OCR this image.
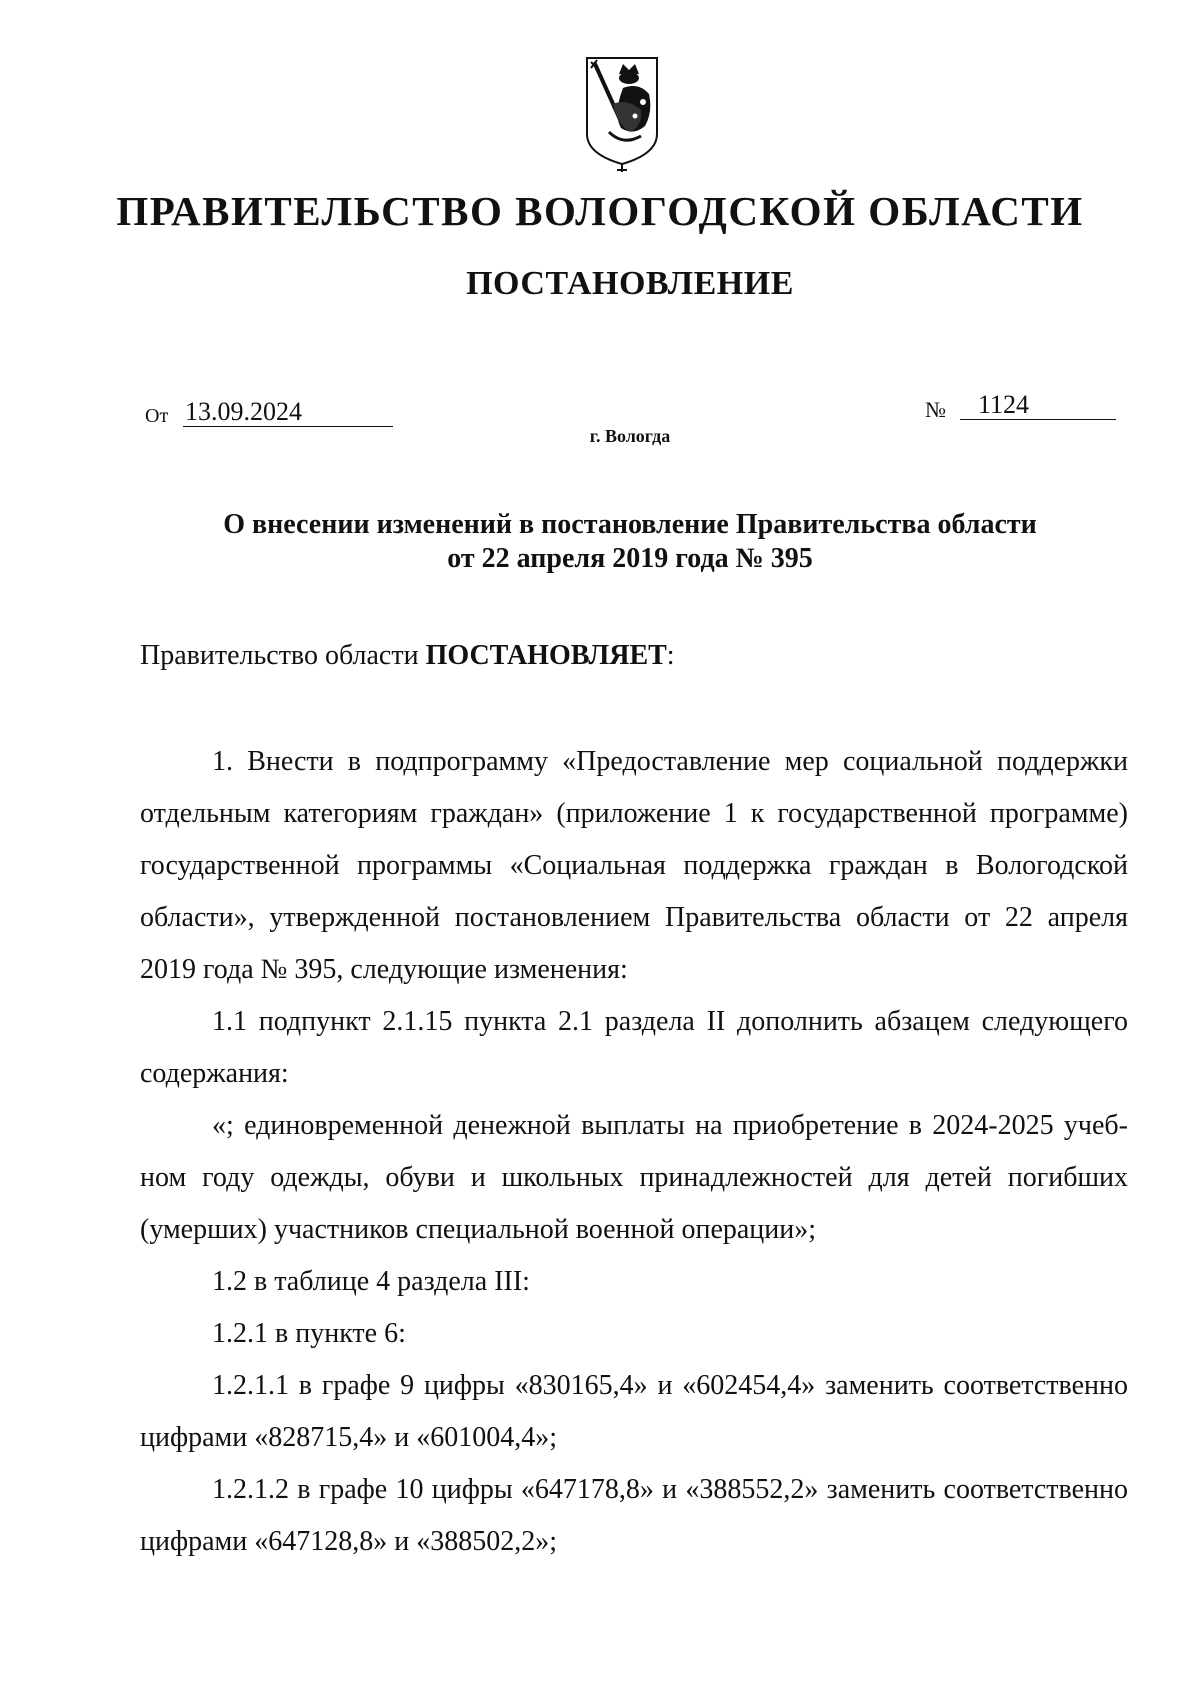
ПРАВИТЕЛЬСТВО ВОЛОГОДСКОЙ ОБЛАСТИ
ПОСТАНОВЛЕНИЕ
От 13.09.2024	№	1124
г. Вологда
О внесении изменений в постановление Правительства области
от 22 апреля 2019 года № 395
Правительство области ПОСТАНОВЛЯЕТ:

1. Внести в подпрограмму «Предоставление мер социальной поддержки отдельным категориям граждан» (приложение 1 к государственной программе) государственной программы «Социальная поддержка граждан в Вологодской области», утвержденной постановлением Правительства области от 22 апреля 2019 года № 395, следующие изменения:

1.1 подпункт 2.1.15 пункта 2.1 раздела II дополнить абзацем следующего содержания:

«; единовременной денежной выплаты на приобретение в 2024-2025 учебном году одежды, обуви и школьных принадлежностей для детей погибших (умерших) участников специальной военной операции»;

1.2 в таблице 4 раздела III:

1.2.1 в пункте 6:

1.2.1.1 в графе 9 цифры «830165,4» и «602454,4» заменить соответственно цифрами «828715,4» и «601004,4»;

1.2.1.2 в графе 10 цифры «647178,8» и «388552,2» заменить соответственно цифрами «647128,8» и «388502,2»;
